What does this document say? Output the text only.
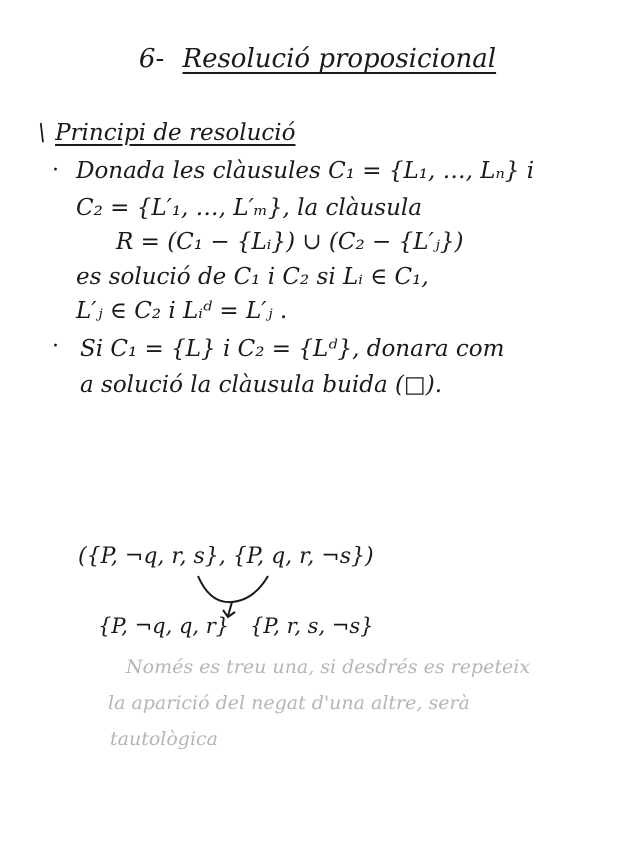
6- Resolució proposicional
\ Principi de resolució
· Donada les clàusules C₁ = {L₁, …, Lₙ} i
C₂ = {L′₁, …, L′ₘ}, la clàusula
R = (C₁ − {Lᵢ}) ∪ (C₂ − {L′ⱼ})
es solució de C₁ i C₂ si Lᵢ ∈ C₁,
L′ⱼ ∈ C₂ i Lᵢᵈ = L′ⱼ .
· Si C₁ = {L} i C₂ = {Lᵈ}, donara com
a solució la clàusula buida (□).
({P, ¬q, r, s}, {P, q, r, ¬s})
{P, ¬q, q, r} {P, r, s, ¬s}
Només es treu una, si desdrés es repeteix
la aparició del negat d'una altre, serà
tautològica
